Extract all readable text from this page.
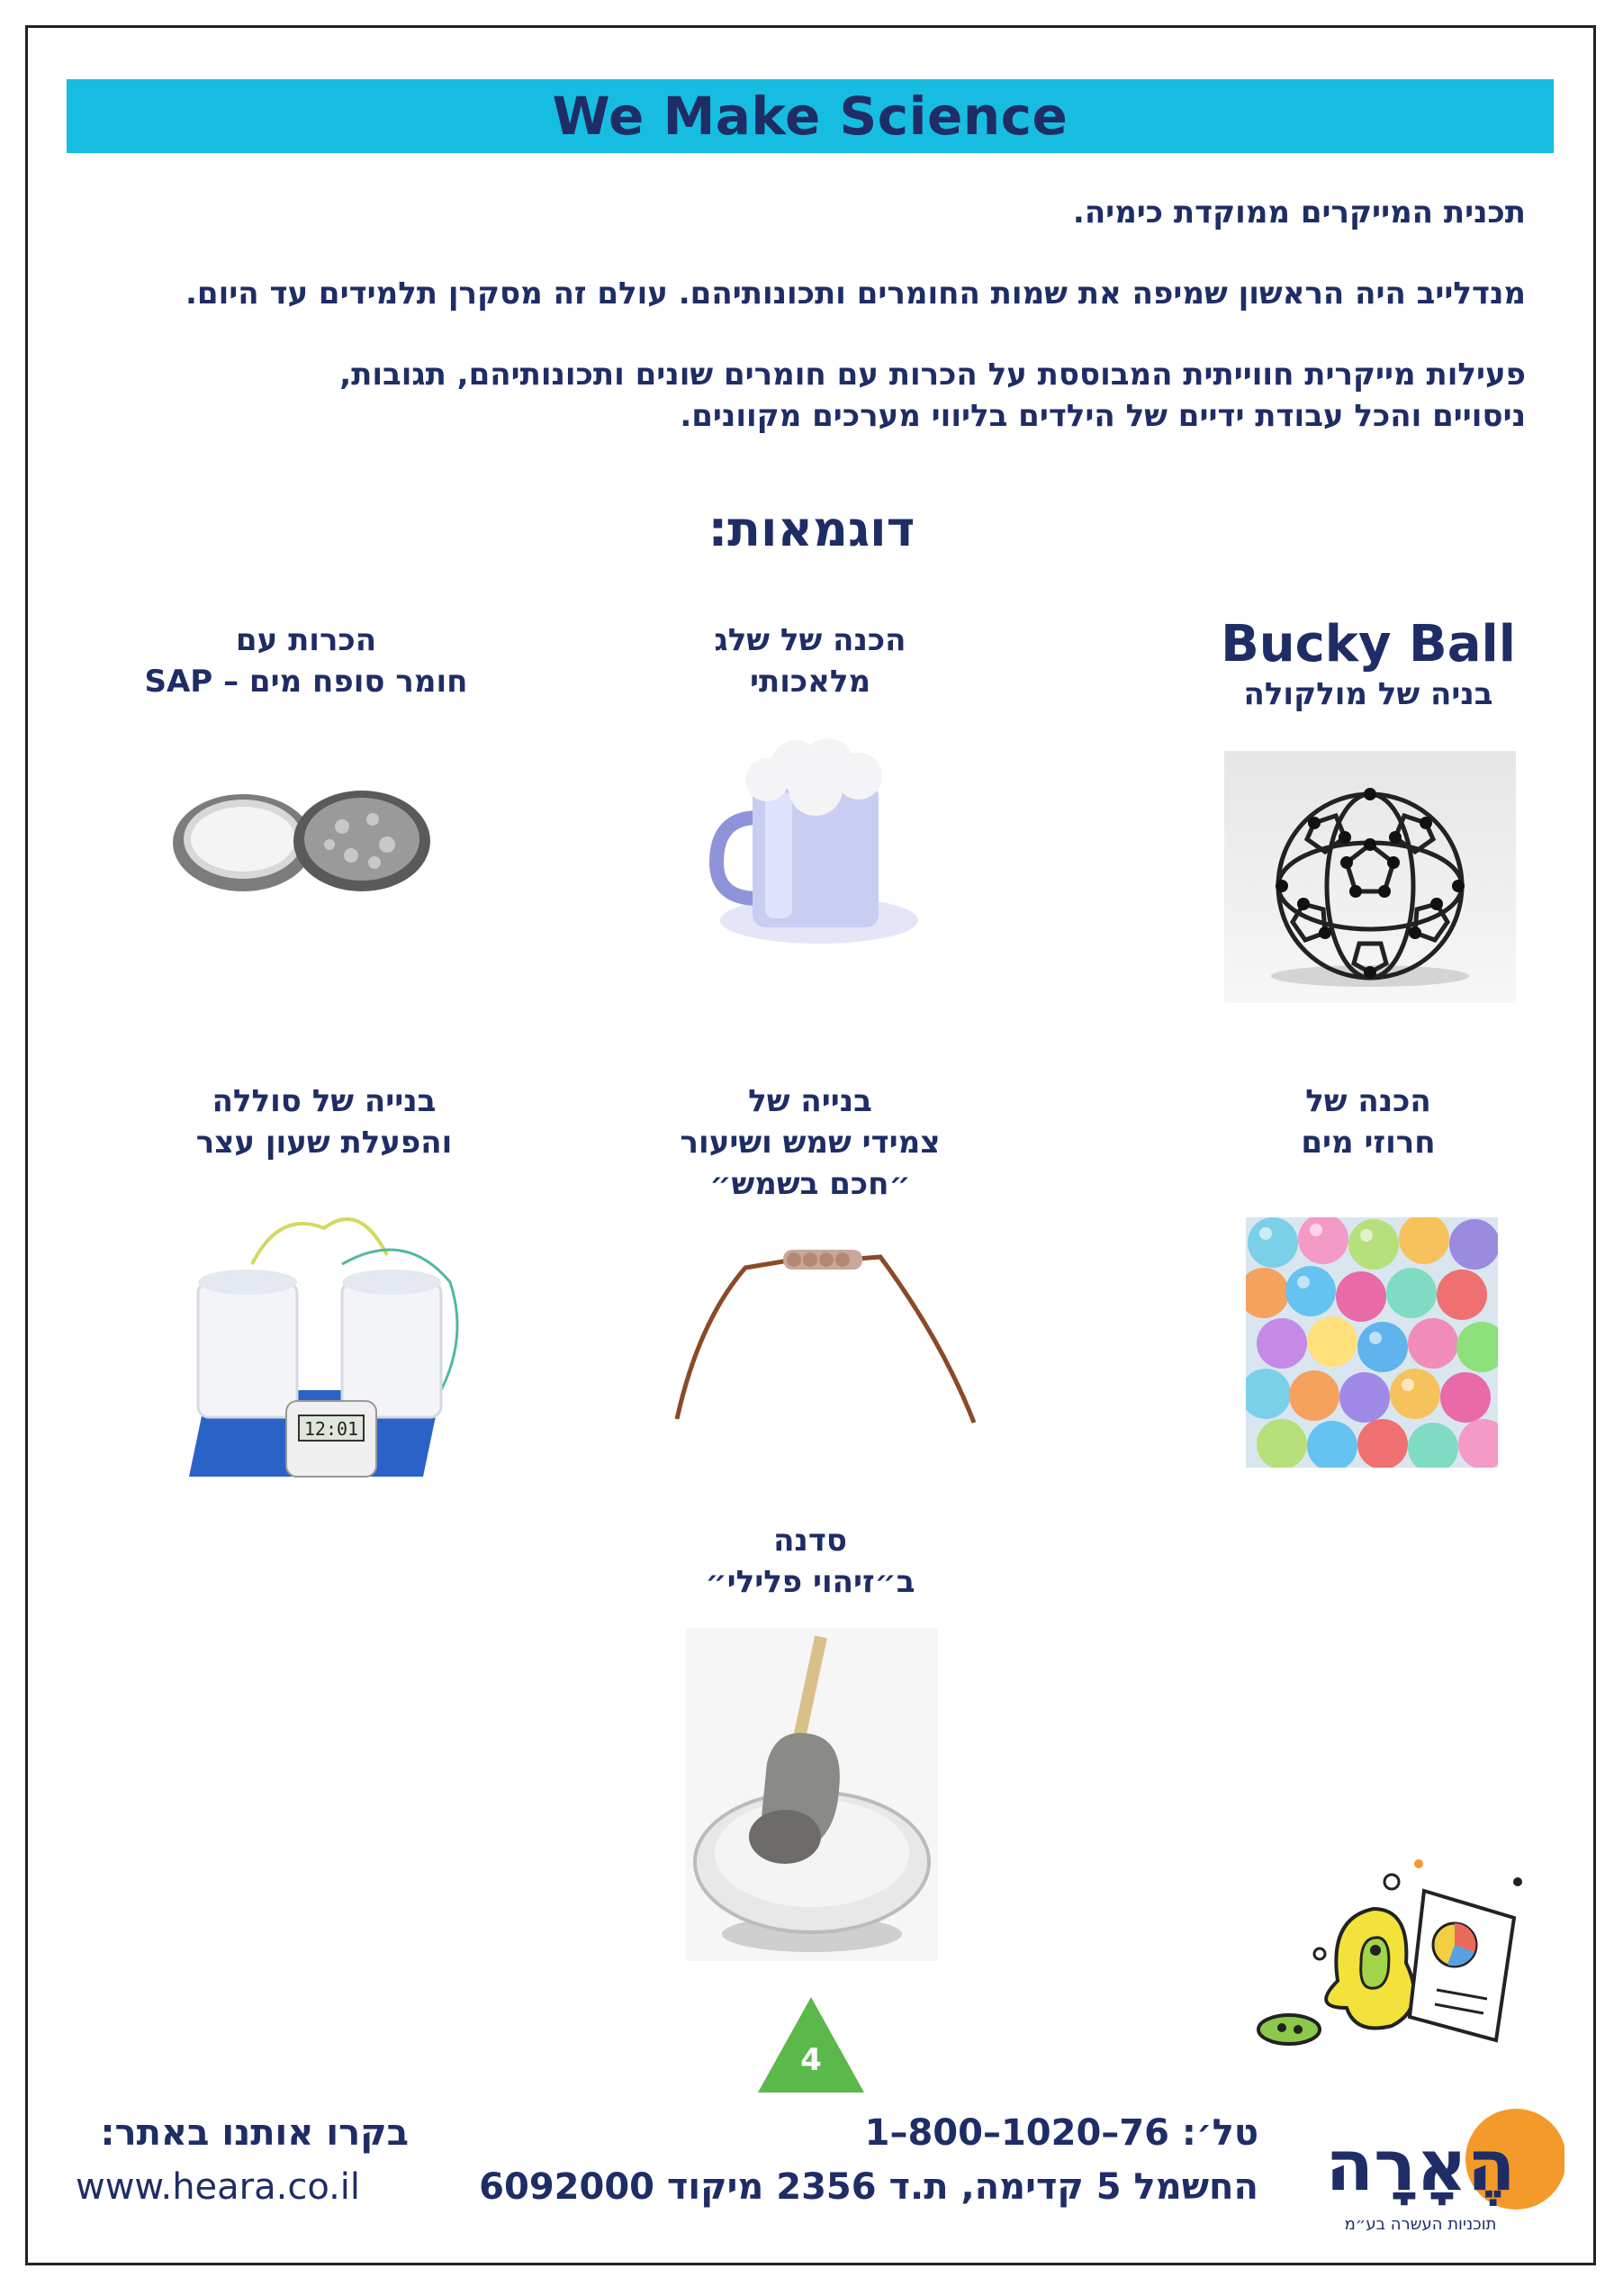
We Make Science
תכנית המייקרים ממוקדת כימיה.
מנדלייב היה הראשון שמיפה את שמות החומרים ותכונותיהם. עולם זה מסקרן תלמידים עד היום.
פעילות מייקרית חווייתית המבוססת על הכרות עם חומרים שונים ותכונותיהם, תגובות,
ניסויים והכל עבודת ידיים של הילדים בליווי מערכים מקוונים.
דוגמאות:
Bucky Ball
בניה של מולקולה
הכנה של שלג
מלאכותי
הכרות עם
חומר סופח מים – SAP
הכנה של
חרוזי מים
בנייה של
צמידי שמש ושיעור
״חכם בשמש״
בנייה של סוללה
והפעלת שעון עצר
12:01
סדנה
ב״זיהוי פלילי״
4
טל׳: 76–1020–800–1
החשמל 5 קדימה, ת.ד 2356 מיקוד 6092000
בקרו אותנו באתר:
www.heara.co.il	הֶאָרָה
תוכניות העשרה בע״מ
